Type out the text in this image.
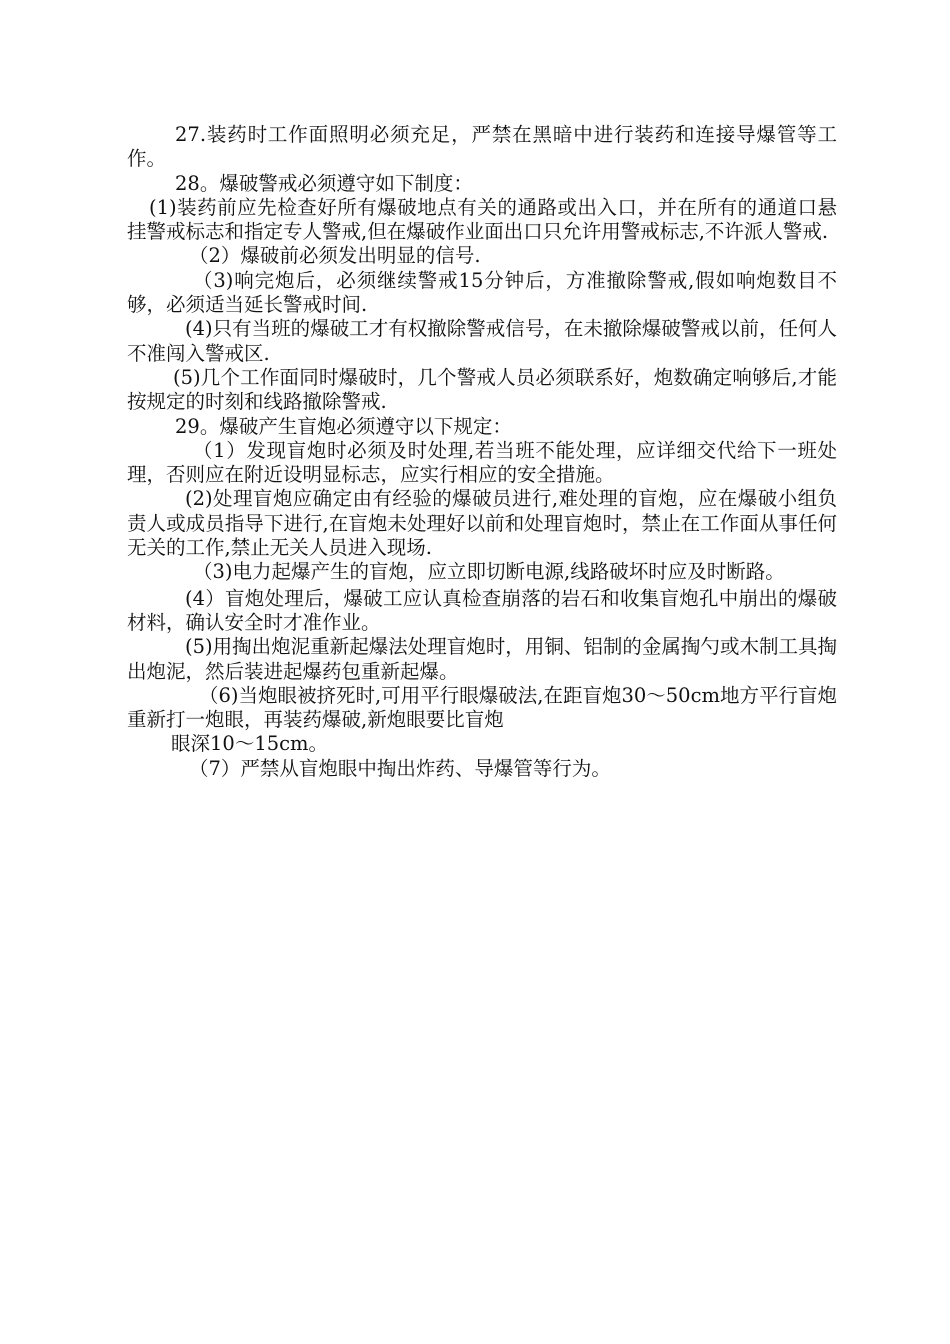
27.装药时工作面照明必须充足，严禁在黑暗中进行装药和连接导爆管等工作。

28。爆破警戒必须遵守如下制度：

(1)装药前应先检查好所有爆破地点有关的通路或出入口，并在所有的通道口悬挂警戒标志和指定专人警戒,但在爆破作业面出口只允许用警戒标志,不许派人警戒.

（2）爆破前必须发出明显的信号.

（3)响完炮后，必须继续警戒15分钟后，方准撤除警戒,假如响炮数目不够，必须适当延长警戒时间.

(4)只有当班的爆破工才有权撤除警戒信号，在未撤除爆破警戒以前，任何人不准闯入警戒区.

(5)几个工作面同时爆破时，几个警戒人员必须联系好，炮数确定响够后,才能按规定的时刻和线路撤除警戒.

29。爆破产生盲炮必须遵守以下规定：

（1）发现盲炮时必须及时处理,若当班不能处理，应详细交代给下一班处理，否则应在附近设明显标志，应实行相应的安全措施。

(2)处理盲炮应确定由有经验的爆破员进行,难处理的盲炮，应在爆破小组负责人或成员指导下进行,在盲炮未处理好以前和处理盲炮时，禁止在工作面从事任何无关的工作,禁止无关人员进入现场.

（3)电力起爆产生的盲炮，应立即切断电源,线路破坏时应及时断路。

(4）盲炮处理后，爆破工应认真检查崩落的岩石和收集盲炮孔中崩出的爆破材料，确认安全时才准作业。

(5)用掏出炮泥重新起爆法处理盲炮时，用铜、铝制的金属掏勺或木制工具掏出炮泥，然后装进起爆药包重新起爆。

（6)当炮眼被挤死时,可用平行眼爆破法,在距盲炮30～50cm地方平行盲炮重新打一炮眼，再装药爆破,新炮眼要比盲炮

眼深10～15cm。

（7）严禁从盲炮眼中掏出炸药、导爆管等行为。
